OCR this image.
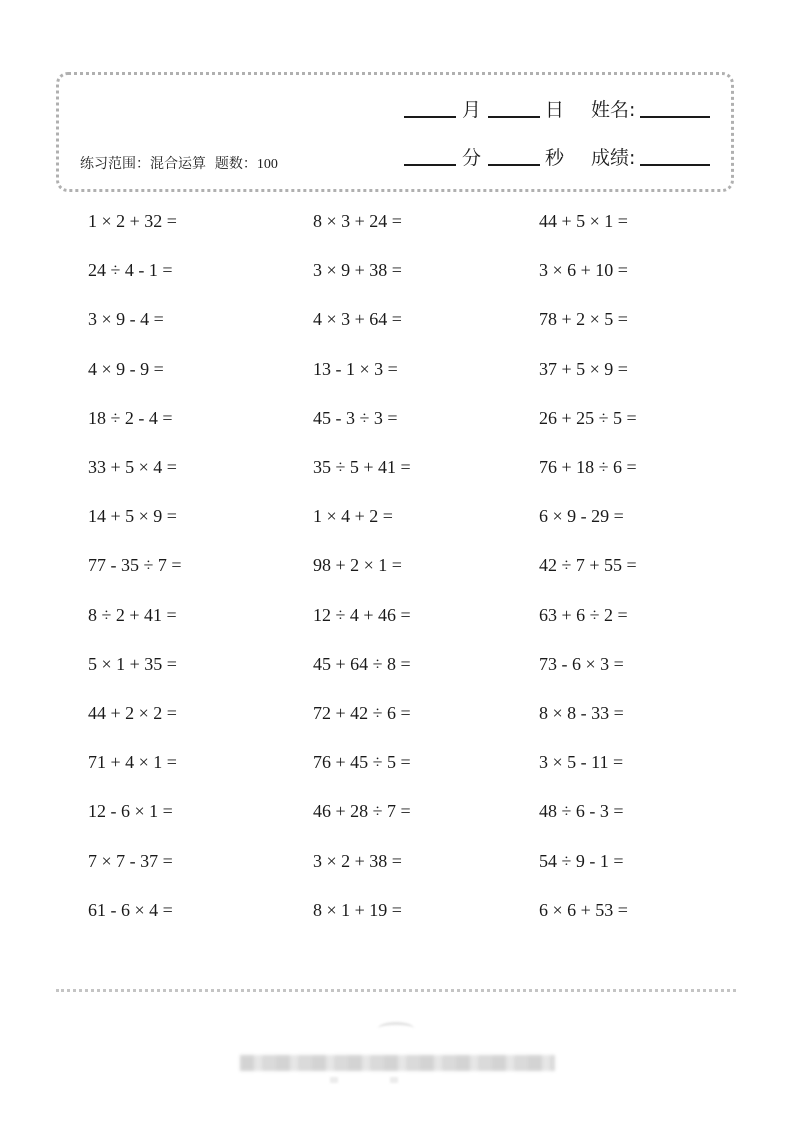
月	日 姓名:
练习范围：混合运算 题数：100	分	秒 成绩:
1 × 2 + 32 =
24 ÷ 4 - 1 =
3 × 9 - 4 =
4 × 9 - 9 =
18 ÷ 2 - 4 =
33 + 5 × 4 =
14 + 5 × 9 =
77 - 35 ÷ 7 =
8 ÷ 2 + 41 =
5 × 1 + 35 =
44 + 2 × 2 =
71 + 4 × 1 =
12 - 6 × 1 =
7 × 7 - 37 =
61 - 6 × 4 =
8 × 3 + 24 =
3 × 9 + 38 =
4 × 3 + 64 =
13 - 1 × 3 =
45 - 3 ÷ 3 =
35 ÷ 5 + 41 =
1 × 4 + 2 =
98 + 2 × 1 =
12 ÷ 4 + 46 =
45 + 64 ÷ 8 =
72 + 42 ÷ 6 =
76 + 45 ÷ 5 =
46 + 28 ÷ 7 =
3 × 2 + 38 =
8 × 1 + 19 =
44 + 5 × 1 =
3 × 6 + 10 =
78 + 2 × 5 =
37 + 5 × 9 =
26 + 25 ÷ 5 =
76 + 18 ÷ 6 =
6 × 9 - 29 =
42 ÷ 7 + 55 =
63 + 6 ÷ 2 =
73 - 6 × 3 =
8 × 8 - 33 =
3 × 5 - 11 =
48 ÷ 6 - 3 =
54 ÷ 9 - 1 =
6 × 6 + 53 =
